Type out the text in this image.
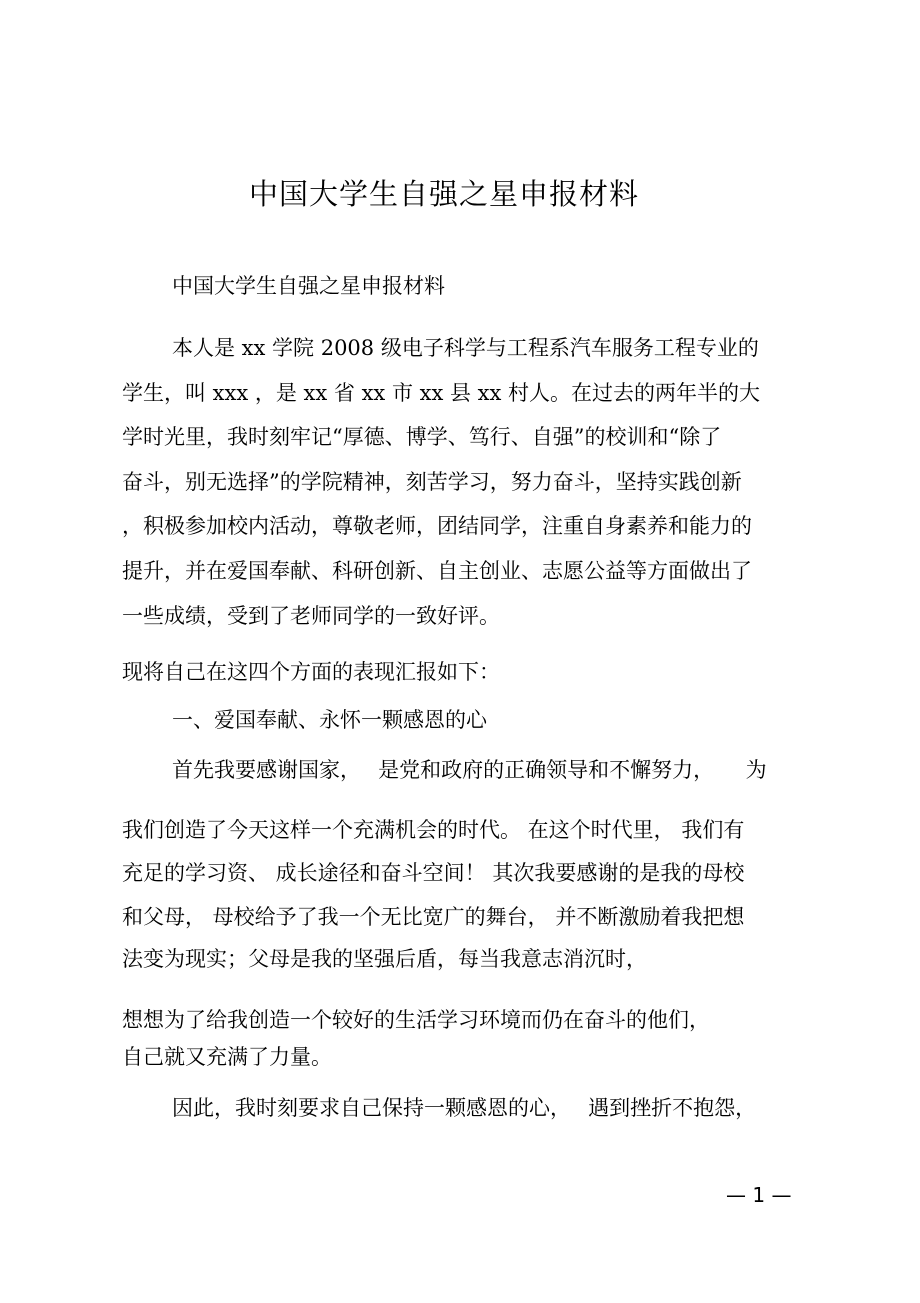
中国大学生自强之星申报材料
中国大学生自强之星申报材料
本人是 xx 学院 2008 级电子科学与工程系汽车服务工程专业的
学生，叫 xxx ，是 xx 省 xx 市 xx 县 xx 村人。在过去的两年半的大
学时光里，我时刻牢记“厚德、博学、笃行、自强”的校训和“除了
奋斗，别无选择”的学院精神，刻苦学习，努力奋斗，坚持实践创新
，积极参加校内活动，尊敬老师，团结同学，注重自身素养和能力的
提升，并在爱国奉献、科研创新、自主创业、志愿公益等方面做出了
一些成绩，受到了老师同学的一致好评。
现将自己在这四个方面的表现汇报如下：
一、爱国奉献、永怀一颗感恩的心
首先我要感谢国家，　 是党和政府的正确领导和不懈努力，　　为
我们创造了今天这样一个充满机会的时代。 在这个时代里， 我们有
充足的学习资、 成长途径和奋斗空间！ 其次我要感谢的是我的母校
和父母， 母校给予了我一个无比宽广的舞台， 并不断激励着我把想
法变为现实；父母是我的坚强后盾，每当我意志消沉时，
想想为了给我创造一个较好的生活学习环境而仍在奋斗的他们，
自己就又充满了力量。
因此，我时刻要求自己保持一颗感恩的心，　 遇到挫折不抱怨，
— 1 —
